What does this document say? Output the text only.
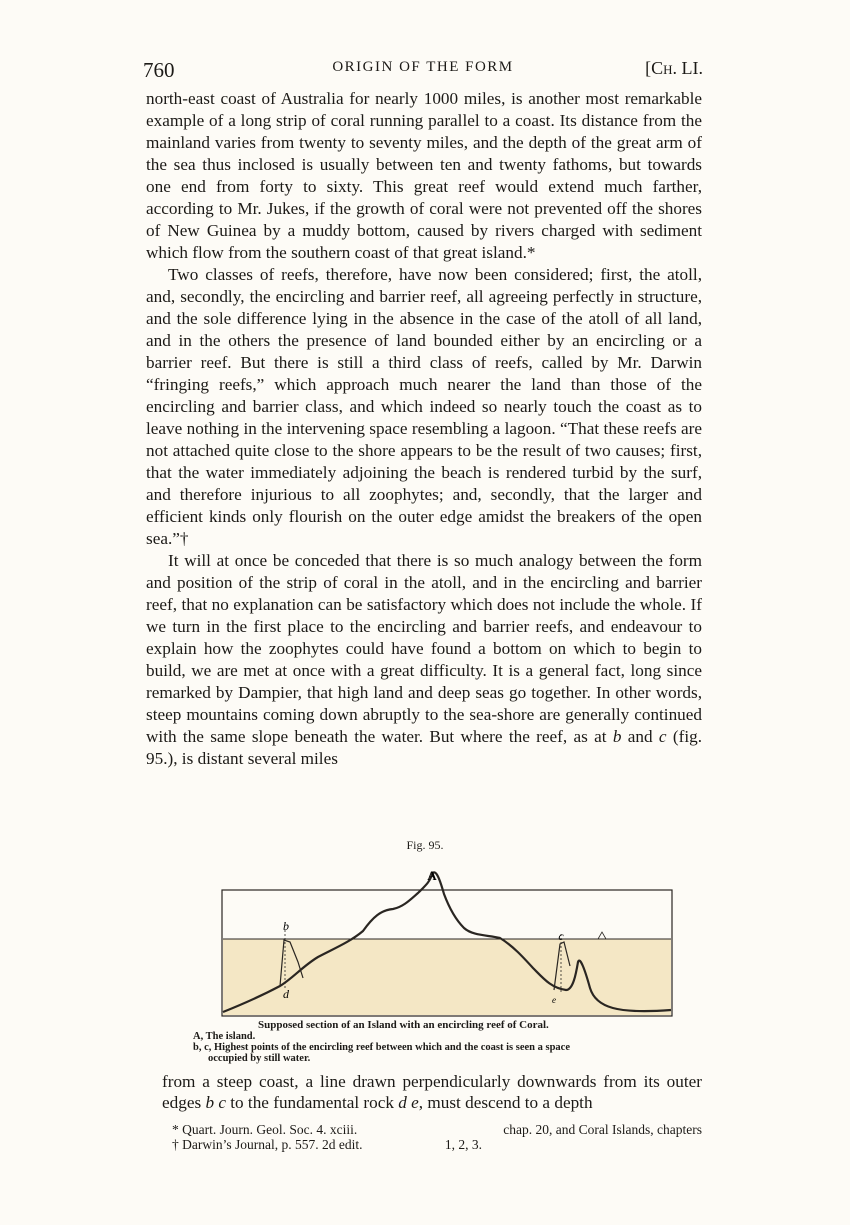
760	ORIGIN OF THE FORM	[Ch. LI.

north-east coast of Australia for nearly 1000 miles, is another most remarkable example of a long strip of coral running parallel to a coast. Its distance from the mainland varies from twenty to seventy miles, and the depth of the great arm of the sea thus inclosed is usually between ten and twenty fathoms, but towards one end from forty to sixty. This great reef would extend much farther, according to Mr. Jukes, if the growth of coral were not prevented off the shores of New Guinea by a muddy bottom, caused by rivers charged with sediment which flow from the southern coast of that great island.*

Two classes of reefs, therefore, have now been considered; first, the atoll, and, secondly, the encircling and barrier reef, all agreeing perfectly in structure, and the sole difference lying in the absence in the case of the atoll of all land, and in the others the presence of land bounded either by an encircling or a barrier reef. But there is still a third class of reefs, called by Mr. Darwin “fringing reefs,” which approach much nearer the land than those of the encircling and barrier class, and which indeed so nearly touch the coast as to leave nothing in the intervening space resembling a lagoon. “That these reefs are not attached quite close to the shore appears to be the result of two causes; first, that the water immediately adjoining the beach is rendered turbid by the surf, and therefore injurious to all zoophytes; and, secondly, that the larger and efficient kinds only flourish on the outer edge amidst the breakers of the open sea.”†

It will at once be conceded that there is so much analogy between the form and position of the strip of coral in the atoll, and in the encircling and barrier reef, that no explanation can be satisfactory which does not include the whole. If we turn in the first place to the encircling and barrier reefs, and endeavour to explain how the zoophytes could have found a bottom on which to begin to build, we are met at once with a great difficulty. It is a general fact, long since remarked by Dampier, that high land and deep seas go together. In other words, steep mountains coming down abruptly to the sea-shore are generally continued with the same slope beneath the water. But where the reef, as at b and c (fig. 95.), is distant several miles

Fig. 95.
A
b
c
d	e
Supposed section of an Island with an encircling reef of Coral.
A, The island.
b, c, Highest points of the encircling reef between which and the coast is seen a space
occupied by still water.

from a steep coast, a line drawn perpendicularly downwards from its outer edges b c to the fundamental rock d e, must descend to a depth

* Quart. Journ. Geol. Soc. 4. xciii.	chap. 20, and Coral Islands, chapters
† Darwin’s Journal, p. 557. 2d edit.	1, 2, 3.
